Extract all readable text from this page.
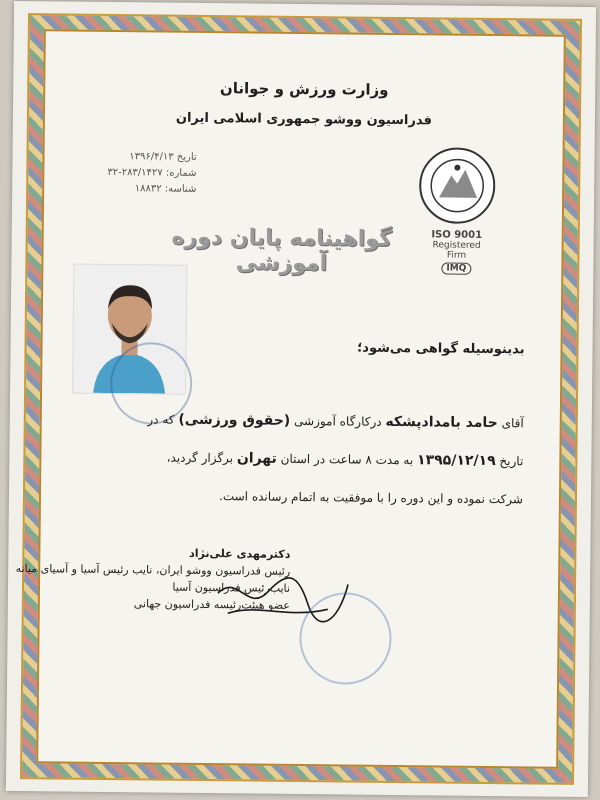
وزارت ورزش و جوانان
فدراسیون ووشو جمهوری اسلامی ایران
تاریخ ۱۳۹۶/۴/۱۳
شماره: ۲۸۳/۱۴۲۷-۳۲
شناسه: ۱۸۸۳۲
ISO 9001
Registered Firm
IMQ
گواهینامه پایان دوره آموزشی
بدینوسیله گواهی می‌شود؛
آقای حامد بامدادپشکه درکارگاه آموزشی (حقوق ورزشی) که در
تاریخ ۱۳۹۵/۱۲/۱۹ به مدت ۸ ساعت در استان تهران برگزار گردید،
شرکت نموده و این دوره را با موفقیت به اتمام رسانده است.
دکترمهدی علی‌نژاد
رئیس فدراسیون ووشو ایران، نایب رئیس آسیا و آسیای میانه
نایب‌رئیس فدراسیون آسیا
عضو هیئت‌رئیسه فدراسیون جهانی
